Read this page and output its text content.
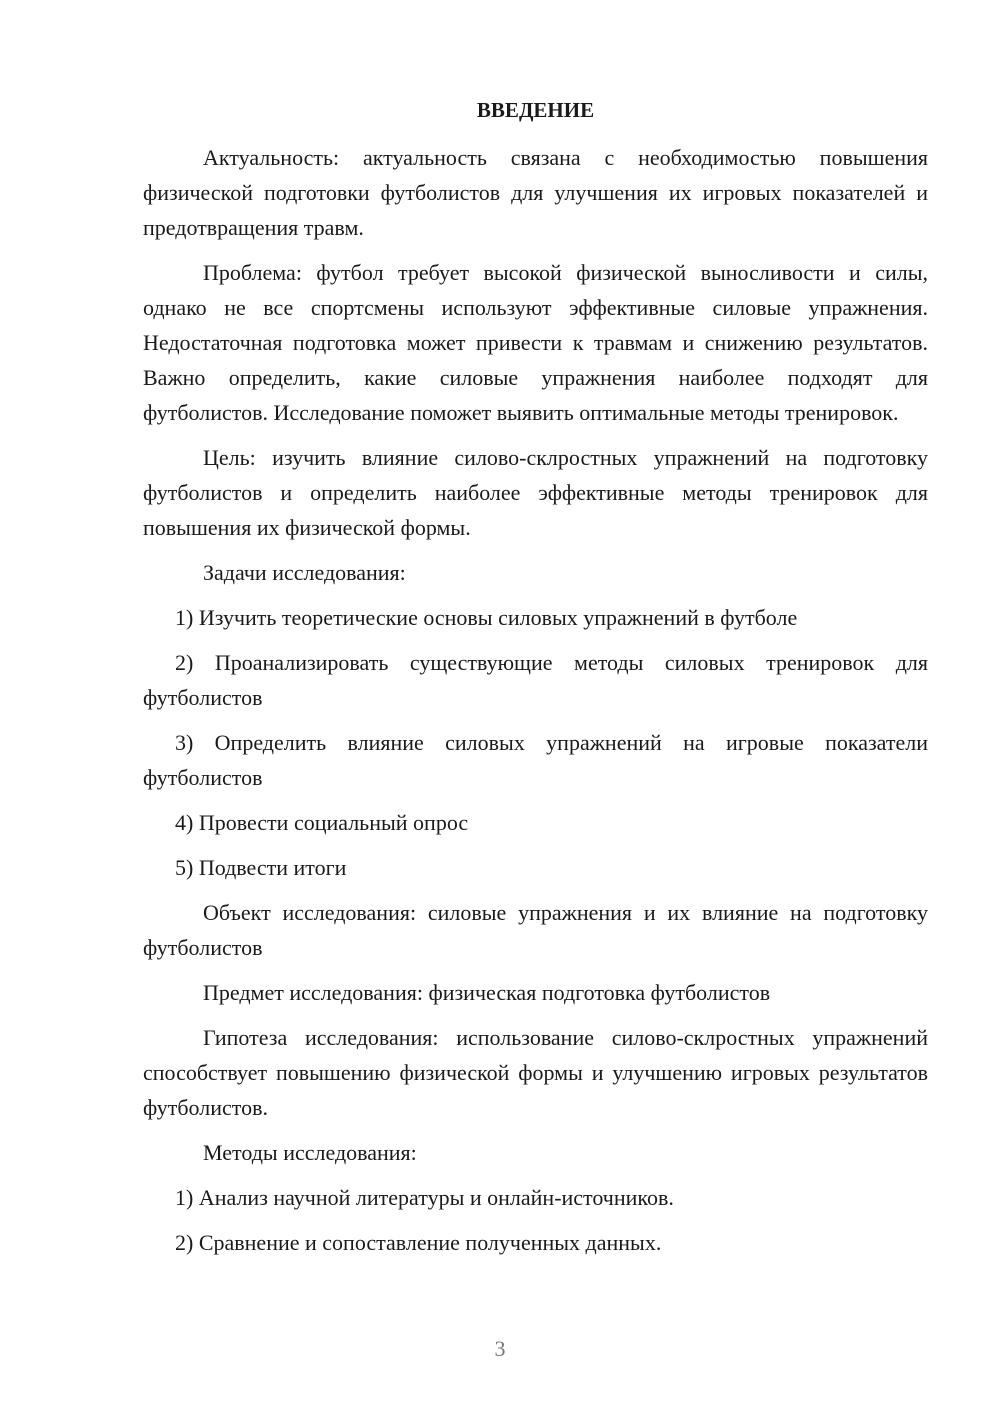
ВВЕДЕНИЕ

Актуальность: актуальность связана с необходимостью повышения физической подготовки футболистов для улучшения их игровых показателей и предотвращения травм.

Проблема: футбол требует высокой физической выносливости и силы, однако не все спортсмены используют эффективные силовые упражнения. Недостаточная подготовка может привести к травмам и снижению результатов. Важно определить, какие силовые упражнения наиболее подходят для футболистов. Исследование поможет выявить оптимальные методы тренировок.

Цель: изучить влияние силово-склростных упражнений на подготовку футболистов и определить наиболее эффективные методы тренировок для повышения их физической формы.

Задачи исследования:

1) Изучить теоретические основы силовых упражнений в футболе

2) Проанализировать существующие методы силовых тренировок для футболистов

3) Определить влияние силовых упражнений на игровые показатели футболистов

4) Провести социальный опрос

5) Подвести итоги

Объект исследования: силовые упражнения и их влияние на подготовку футболистов

Предмет исследования: физическая подготовка футболистов

Гипотеза исследования: использование силово-склростных упражнений способствует повышению физической формы и улучшению игровых результатов футболистов.

Методы исследования:

1) Анализ научной литературы и онлайн-источников.

2) Сравнение и сопоставление полученных данных.

3
